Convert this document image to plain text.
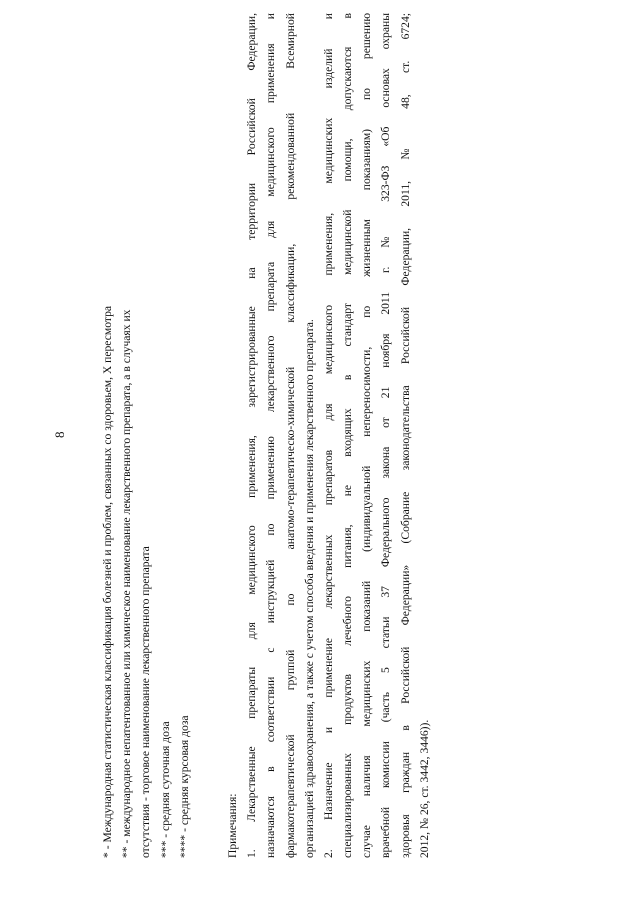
8	* - Международная статистическая классификация болезней и проблем, связанных со здоровьем, X пересмотра ** - международное непатентованное или химическое наименование лекарственного препарата, а в случаях их отсутствия - торговое наименование лекарственного препарата *** - средняя суточная доза **** - средняя курсовая доза	Примечания: 1. Лекарственные препараты для медицинского применения, зарегистрированные на территории Российской Федерации, назначаются в соответствии с инструкцией по применению лекарственного препарата для медицинского применения и фармакотерапевтической группой по анатомо-терапевтическо-химической классификации, рекомендованной Всемирной организацией здравоохранения, а также с учетом способа введения и применения лекарственного препарата. 2. Назначение и применение лекарственных препаратов для медицинского применения, медицинских изделий и специализированных продуктов лечебного питания, не входящих в стандарт медицинской помощи, допускаются в случае наличия медицинских показаний (индивидуальной непереносимости, по жизненным показаниям) по решению врачебной комиссии (часть 5 статьи 37 Федерального закона от 21 ноября 2011 г. № 323-ФЗ «Об основах охраны здоровья граждан в Российской Федерации» (Собрание законодательства Российской Федерации, 2011, № 48, ст. 6724; 2012, № 26, ст. 3442, 3446)).
